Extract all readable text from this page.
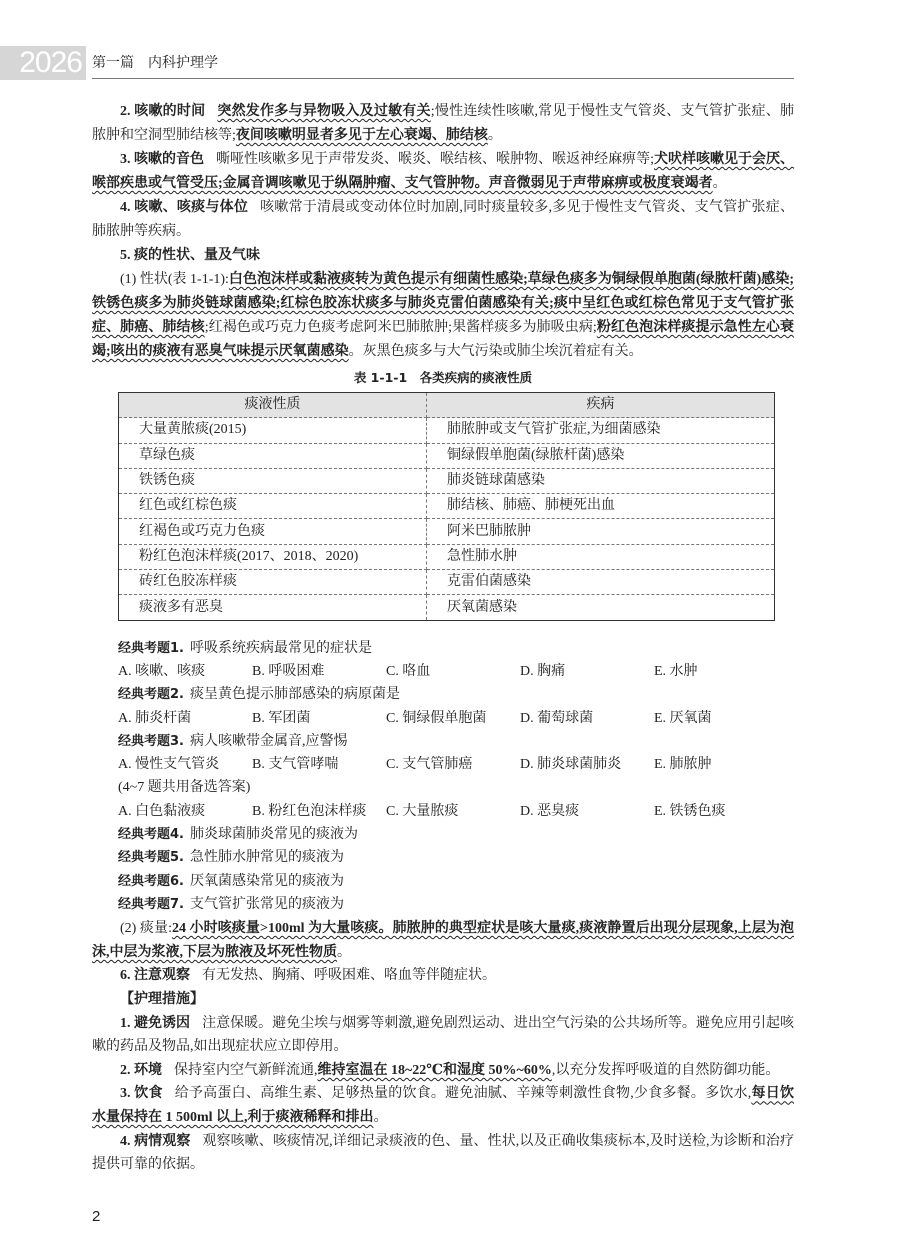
2026 第一篇　内科护理学

2. 咳嗽的时间 突然发作多与异物吸入及过敏有关;慢性连续性咳嗽,常见于慢性支气管炎、支气管扩张症、肺脓肿和空洞型肺结核等;夜间咳嗽明显者多见于左心衰竭、肺结核。

3. 咳嗽的音色 嘶哑性咳嗽多见于声带发炎、喉炎、喉结核、喉肿物、喉返神经麻痹等;犬吠样咳嗽见于会厌、喉部疾患或气管受压;金属音调咳嗽见于纵隔肿瘤、支气管肿物。声音微弱见于声带麻痹或极度衰竭者。

4. 咳嗽、咳痰与体位 咳嗽常于清晨或变动体位时加剧,同时痰量较多,多见于慢性支气管炎、支气管扩张症、肺脓肿等疾病。

5. 痰的性状、量及气味

(1) 性状(表 1-1-1):白色泡沫样或黏液痰转为黄色提示有细菌性感染;草绿色痰多为铜绿假单胞菌(绿脓杆菌)感染;铁锈色痰多为肺炎链球菌感染;红棕色胶冻状痰多与肺炎克雷伯菌感染有关;痰中呈红色或红棕色常见于支气管扩张症、肺癌、肺结核;红褐色或巧克力色痰考虑阿米巴肺脓肿;果酱样痰多为肺吸虫病;粉红色泡沫样痰提示急性左心衰竭;咳出的痰液有恶臭气味提示厌氧菌感染。灰黑色痰多与大气污染或肺尘埃沉着症有关。

表 1-1-1　各类疾病的痰液性质
痰液性质	疾病
大量黄脓痰(2015)	肺脓肿或支气管扩张症,为细菌感染
草绿色痰	铜绿假单胞菌(绿脓杆菌)感染
铁锈色痰	肺炎链球菌感染
红色或红棕色痰	肺结核、肺癌、肺梗死出血
红褐色或巧克力色痰	阿米巴肺脓肿
粉红色泡沫样痰(2017、2018、2020)	急性肺水肿
砖红色胶冻样痰	克雷伯菌感染
痰液多有恶臭	厌氧菌感染
经典考题1. 呼吸系统疾病最常见的症状是
A. 咳嗽、咳痰	B. 呼吸困难	C. 咯血	D. 胸痛	E. 水肿
经典考题2. 痰呈黄色提示肺部感染的病原菌是
A. 肺炎杆菌	B. 军团菌	C. 铜绿假单胞菌	D. 葡萄球菌	E. 厌氧菌
经典考题3. 病人咳嗽带金属音,应警惕
A. 慢性支气管炎	B. 支气管哮喘	C. 支气管肺癌	D. 肺炎球菌肺炎	E. 肺脓肿
(4~7 题共用备选答案)
A. 白色黏液痰	B. 粉红色泡沫样痰	C. 大量脓痰	D. 恶臭痰	E. 铁锈色痰
经典考题4. 肺炎球菌肺炎常见的痰液为
经典考题5. 急性肺水肿常见的痰液为
经典考题6. 厌氧菌感染常见的痰液为
经典考题7. 支气管扩张常见的痰液为

(2) 痰量:24 小时咳痰量>100ml 为大量咳痰。肺脓肿的典型症状是咳大量痰,痰液静置后出现分层现象,上层为泡沫,中层为浆液,下层为脓液及坏死性物质。

6. 注意观察 有无发热、胸痛、呼吸困难、咯血等伴随症状。

【护理措施】

1. 避免诱因 注意保暖。避免尘埃与烟雾等刺激,避免剧烈运动、进出空气污染的公共场所等。避免应用引起咳嗽的药品及物品,如出现症状应立即停用。

2. 环境 保持室内空气新鲜流通,维持室温在 18~22℃和湿度 50%~60%,以充分发挥呼吸道的自然防御功能。

3. 饮食 给予高蛋白、高维生素、足够热量的饮食。避免油腻、辛辣等刺激性食物,少食多餐。多饮水,每日饮水量保持在 1 500ml 以上,利于痰液稀释和排出。

4. 病情观察 观察咳嗽、咳痰情况,详细记录痰液的色、量、性状,以及正确收集痰标本,及时送检,为诊断和治疗提供可靠的依据。

2
